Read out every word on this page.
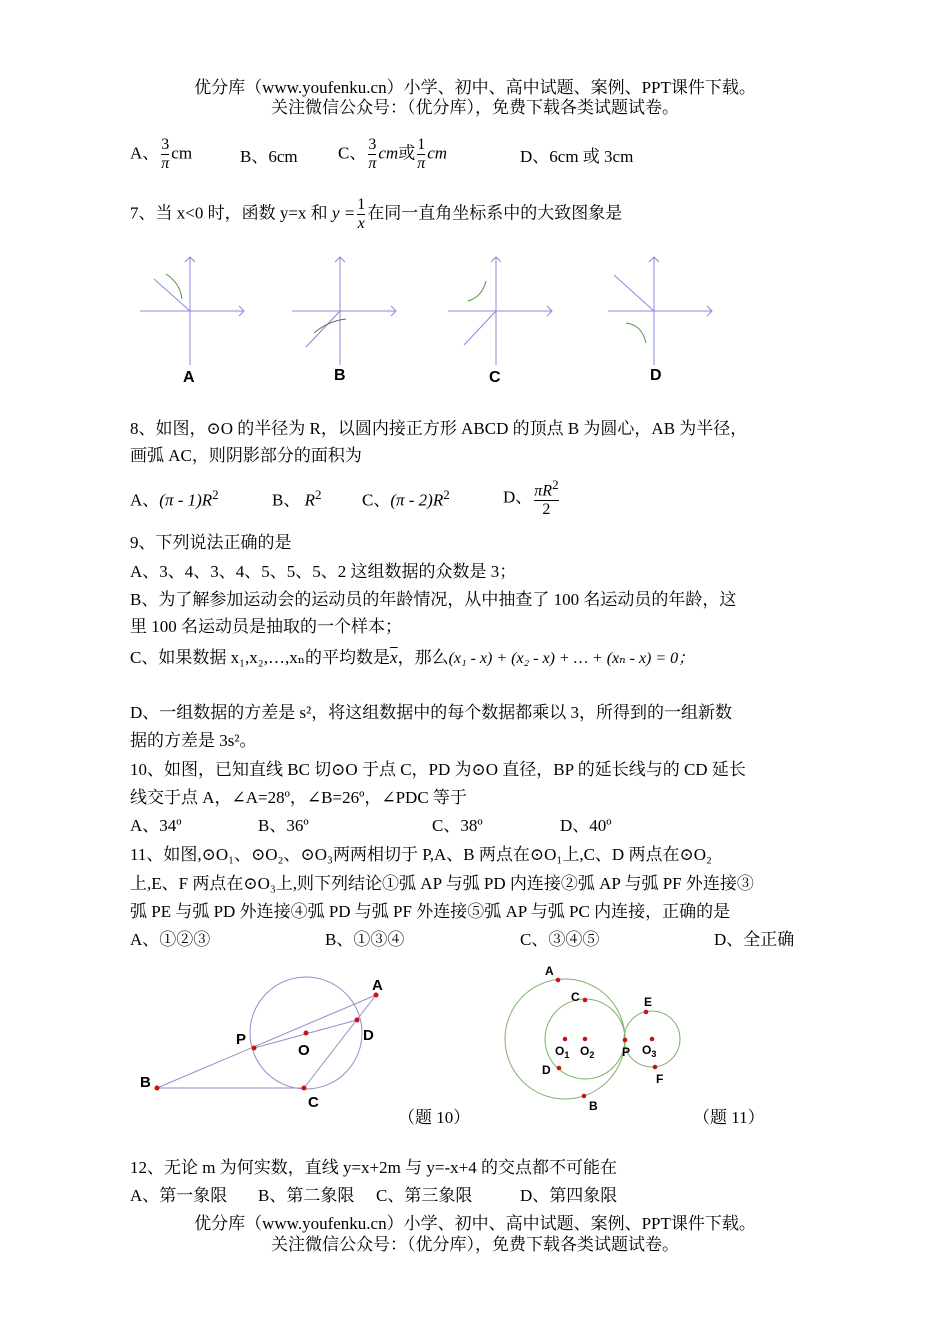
优分库（www.youfenku.cn）小学、初中、高中试题、案例、PPT课件下载。
关注微信公众号：（优分库），免费下载各类试题试卷。
A、 $\frac{3}{\pi}$ cm	B、6cm C、 $\frac{3}{\pi}$ cm或 $\frac{1}{\pi}$ cm	D、6cm 或 3cm
7、当 x<0 时，函数 y=x 和 $y = \frac{1}{x}$ 在同一直角坐标系中的大致图象是
A	B	C	D
8、如图，⊙O 的半径为 R，以圆内接正方形 ABCD 的顶点 B 为圆心，AB 为半径，
画弧 AC，则阴影部分的面积为
A、$(\pi - 1)R^2$	B、 $R^2$ C、$(\pi - 2)R^2$	D、 $\frac{\pi R^2}{2}$
9、下列说法正确的是
A、3、4、3、4、5、5、5、2 这组数据的众数是 3；
B、为了解参加运动会的运动员的年龄情况，从中抽查了 100 名运动员的年龄，这
里 100 名运动员是抽取的一个样本；
C、如果数据 x₁,x₂,…,xₙ的平均数是$\overline{x}$，那么(x₁ - x) + (x₂ - x) + … + (xₙ - x) = 0；
D、一组数据的方差是 s²，将这组数据中的每个数据都乘以 3，所得到的一组新数
据的方差是 3s²。
10、如图，已知直线 BC 切⊙O 于点 C，PD 为⊙O 直径，BP 的延长线与的 CD 延长
线交于点 A，∠A=28º，∠B=26º，∠PDC 等于
A、34º	B、36º	C、38º	D、40º
11、如图,⊙O₁、⊙O₂、⊙O₃两两相切于 P,A、B 两点在⊙O₁上,C、D 两点在⊙O₂
上,E、F 两点在⊙O₃上,则下列结论①弧 AP 与弧 PD 内连接②弧 AP 与弧 PF 外连接③
弧 PE 与弧 PD 外连接④弧 PD 与弧 PF 外连接⑤弧 AP 与弧 PC 内连接，正确的是
A、①②③	B、①③④	C、③④⑤	D、全正确
A
B
C
D
P
O
（题 10）
A
B
C
D
E
F
P
$O_1$ $O_2$	$O_3$
（题 11）
12、无论 m 为何实数，直线 y=x+2m 与 y=-x+4 的交点都不可能在
A、第一象限 B、第二象限 C、第三象限	D、第四象限
优分库（www.youfenku.cn）小学、初中、高中试题、案例、PPT课件下载。
关注微信公众号：（优分库），免费下载各类试题试卷。
